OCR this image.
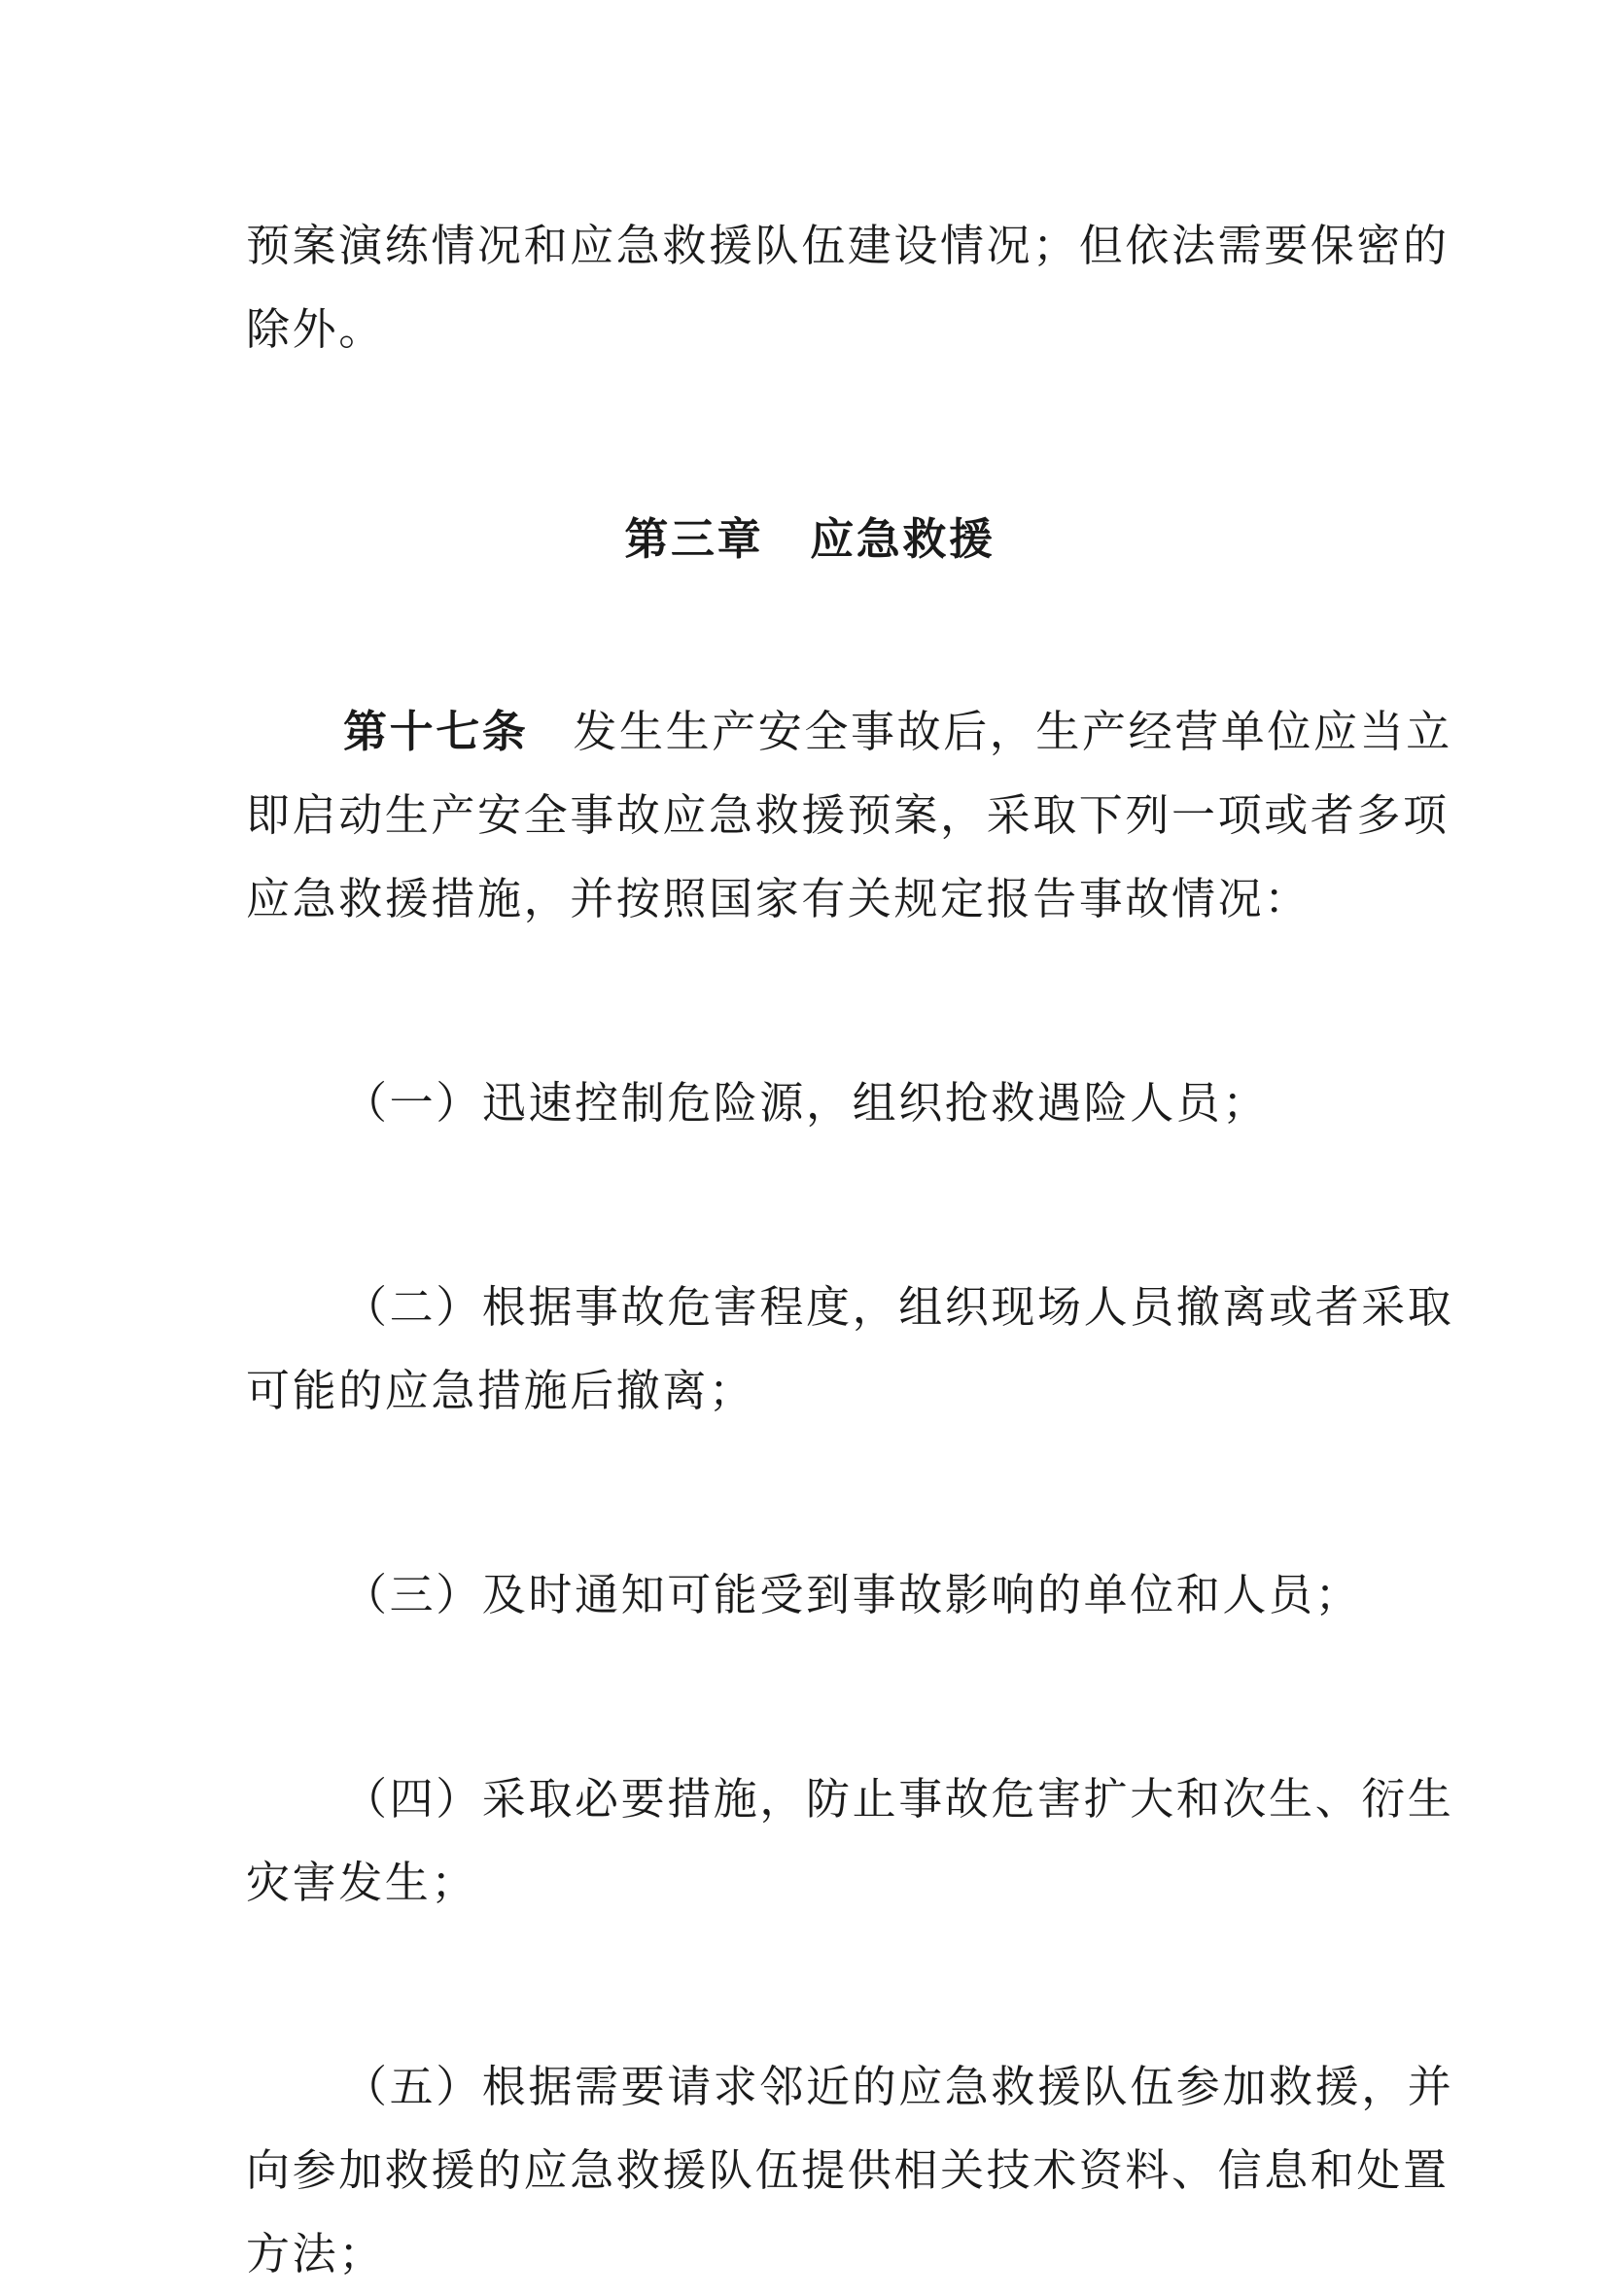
预案演练情况和应急救援队伍建设情况；但依法需要保密的
除外。
第三章 应急救援
第十七条 发生生产安全事故后，生产经营单位应当立
即启动生产安全事故应急救援预案，采取下列一项或者多项
应急救援措施，并按照国家有关规定报告事故情况：
（一）迅速控制危险源，组织抢救遇险人员；
（二）根据事故危害程度，组织现场人员撤离或者采取
可能的应急措施后撤离；
（三）及时通知可能受到事故影响的单位和人员；
（四）采取必要措施，防止事故危害扩大和次生、衍生
灾害发生；
（五）根据需要请求邻近的应急救援队伍参加救援，并
向参加救援的应急救援队伍提供相关技术资料、信息和处置
方法；
